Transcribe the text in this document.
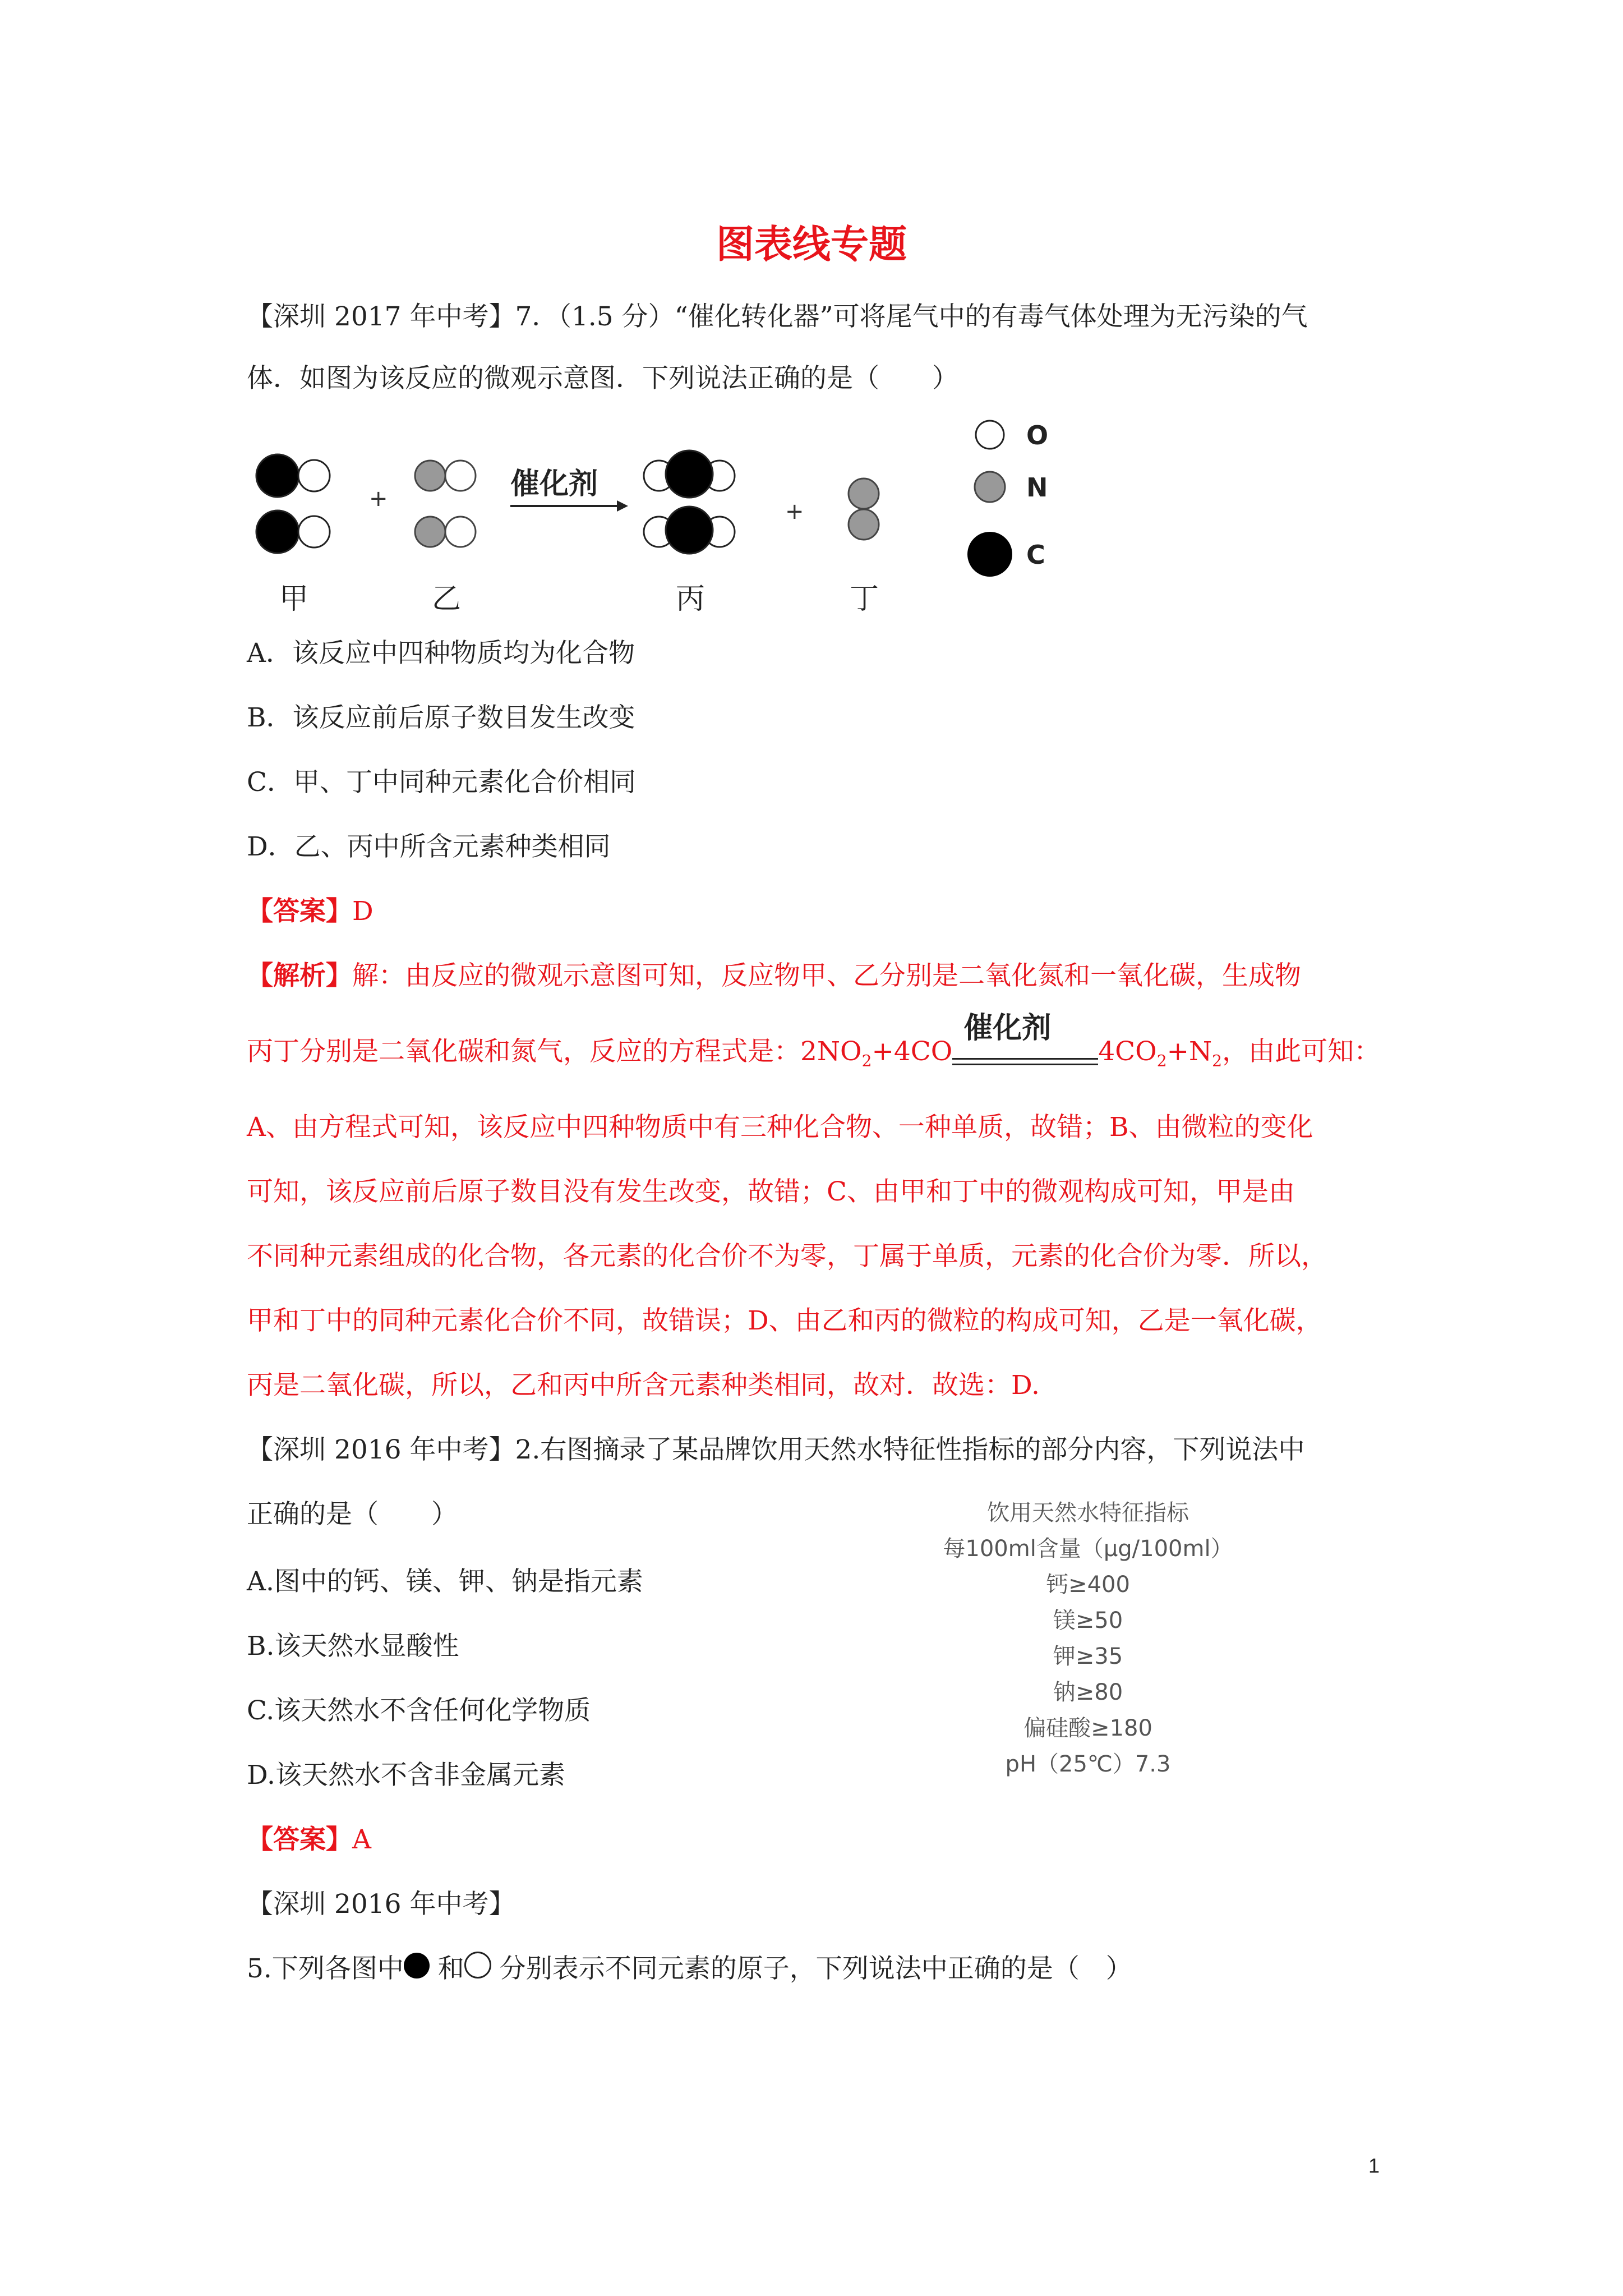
图表线专题
【深圳 2017 年中考】7．（1.5 分）“催化转化器”可将尾气中的有毒气体处理为无污染的气
体．如图为该反应的微观示意图．下列说法正确的是（　　）
+	催化剂
+
甲	乙	丙	丁
O
N
C
A．该反应中四种物质均为化合物
B．该反应前后原子数目发生改变
C．甲、丁中同种元素化合价相同
D．乙、丙中所含元素种类相同
【答案】D
【解析】解：由反应的微观示意图可知，反应物甲、乙分别是二氧化氮和一氧化碳，生成物
丙丁分别是二氧化碳和氮气，反应的方程式是：$2NO_2+4CO$
催化剂
$4CO_2+N_2$，由此可知：
A、由方程式可知，该反应中四种物质中有三种化合物、一种单质，故错；B、由微粒的变化
可知，该反应前后原子数目没有发生改变，故错；C、由甲和丁中的微观构成可知，甲是由
不同种元素组成的化合物，各元素的化合价不为零，丁属于单质，元素的化合价为零．所以，
甲和丁中的同种元素化合价不同，故错误；D、由乙和丙的微粒的构成可知，乙是一氧化碳，
丙是二氧化碳，所以，乙和丙中所含元素种类相同，故对．故选：D.
【深圳 2016 年中考】2.右图摘录了某品牌饮用天然水特征性指标的部分内容，下列说法中
正确的是（　　）	饮用天然水特征指标
每100ml含量（μg/100ml）
钙≥400
镁≥50
钾≥35
钠≥80
偏硅酸≥180
pH（25℃）7.3
A.图中的钙、镁、钾、钠是指元素
B.该天然水显酸性
C.该天然水不含任何化学物质
D.该天然水不含非金属元素
【答案】A
【深圳 2016 年中考】
5.下列各图中 和 分别表示不同元素的原子，下列说法中正确的是（　）
1
